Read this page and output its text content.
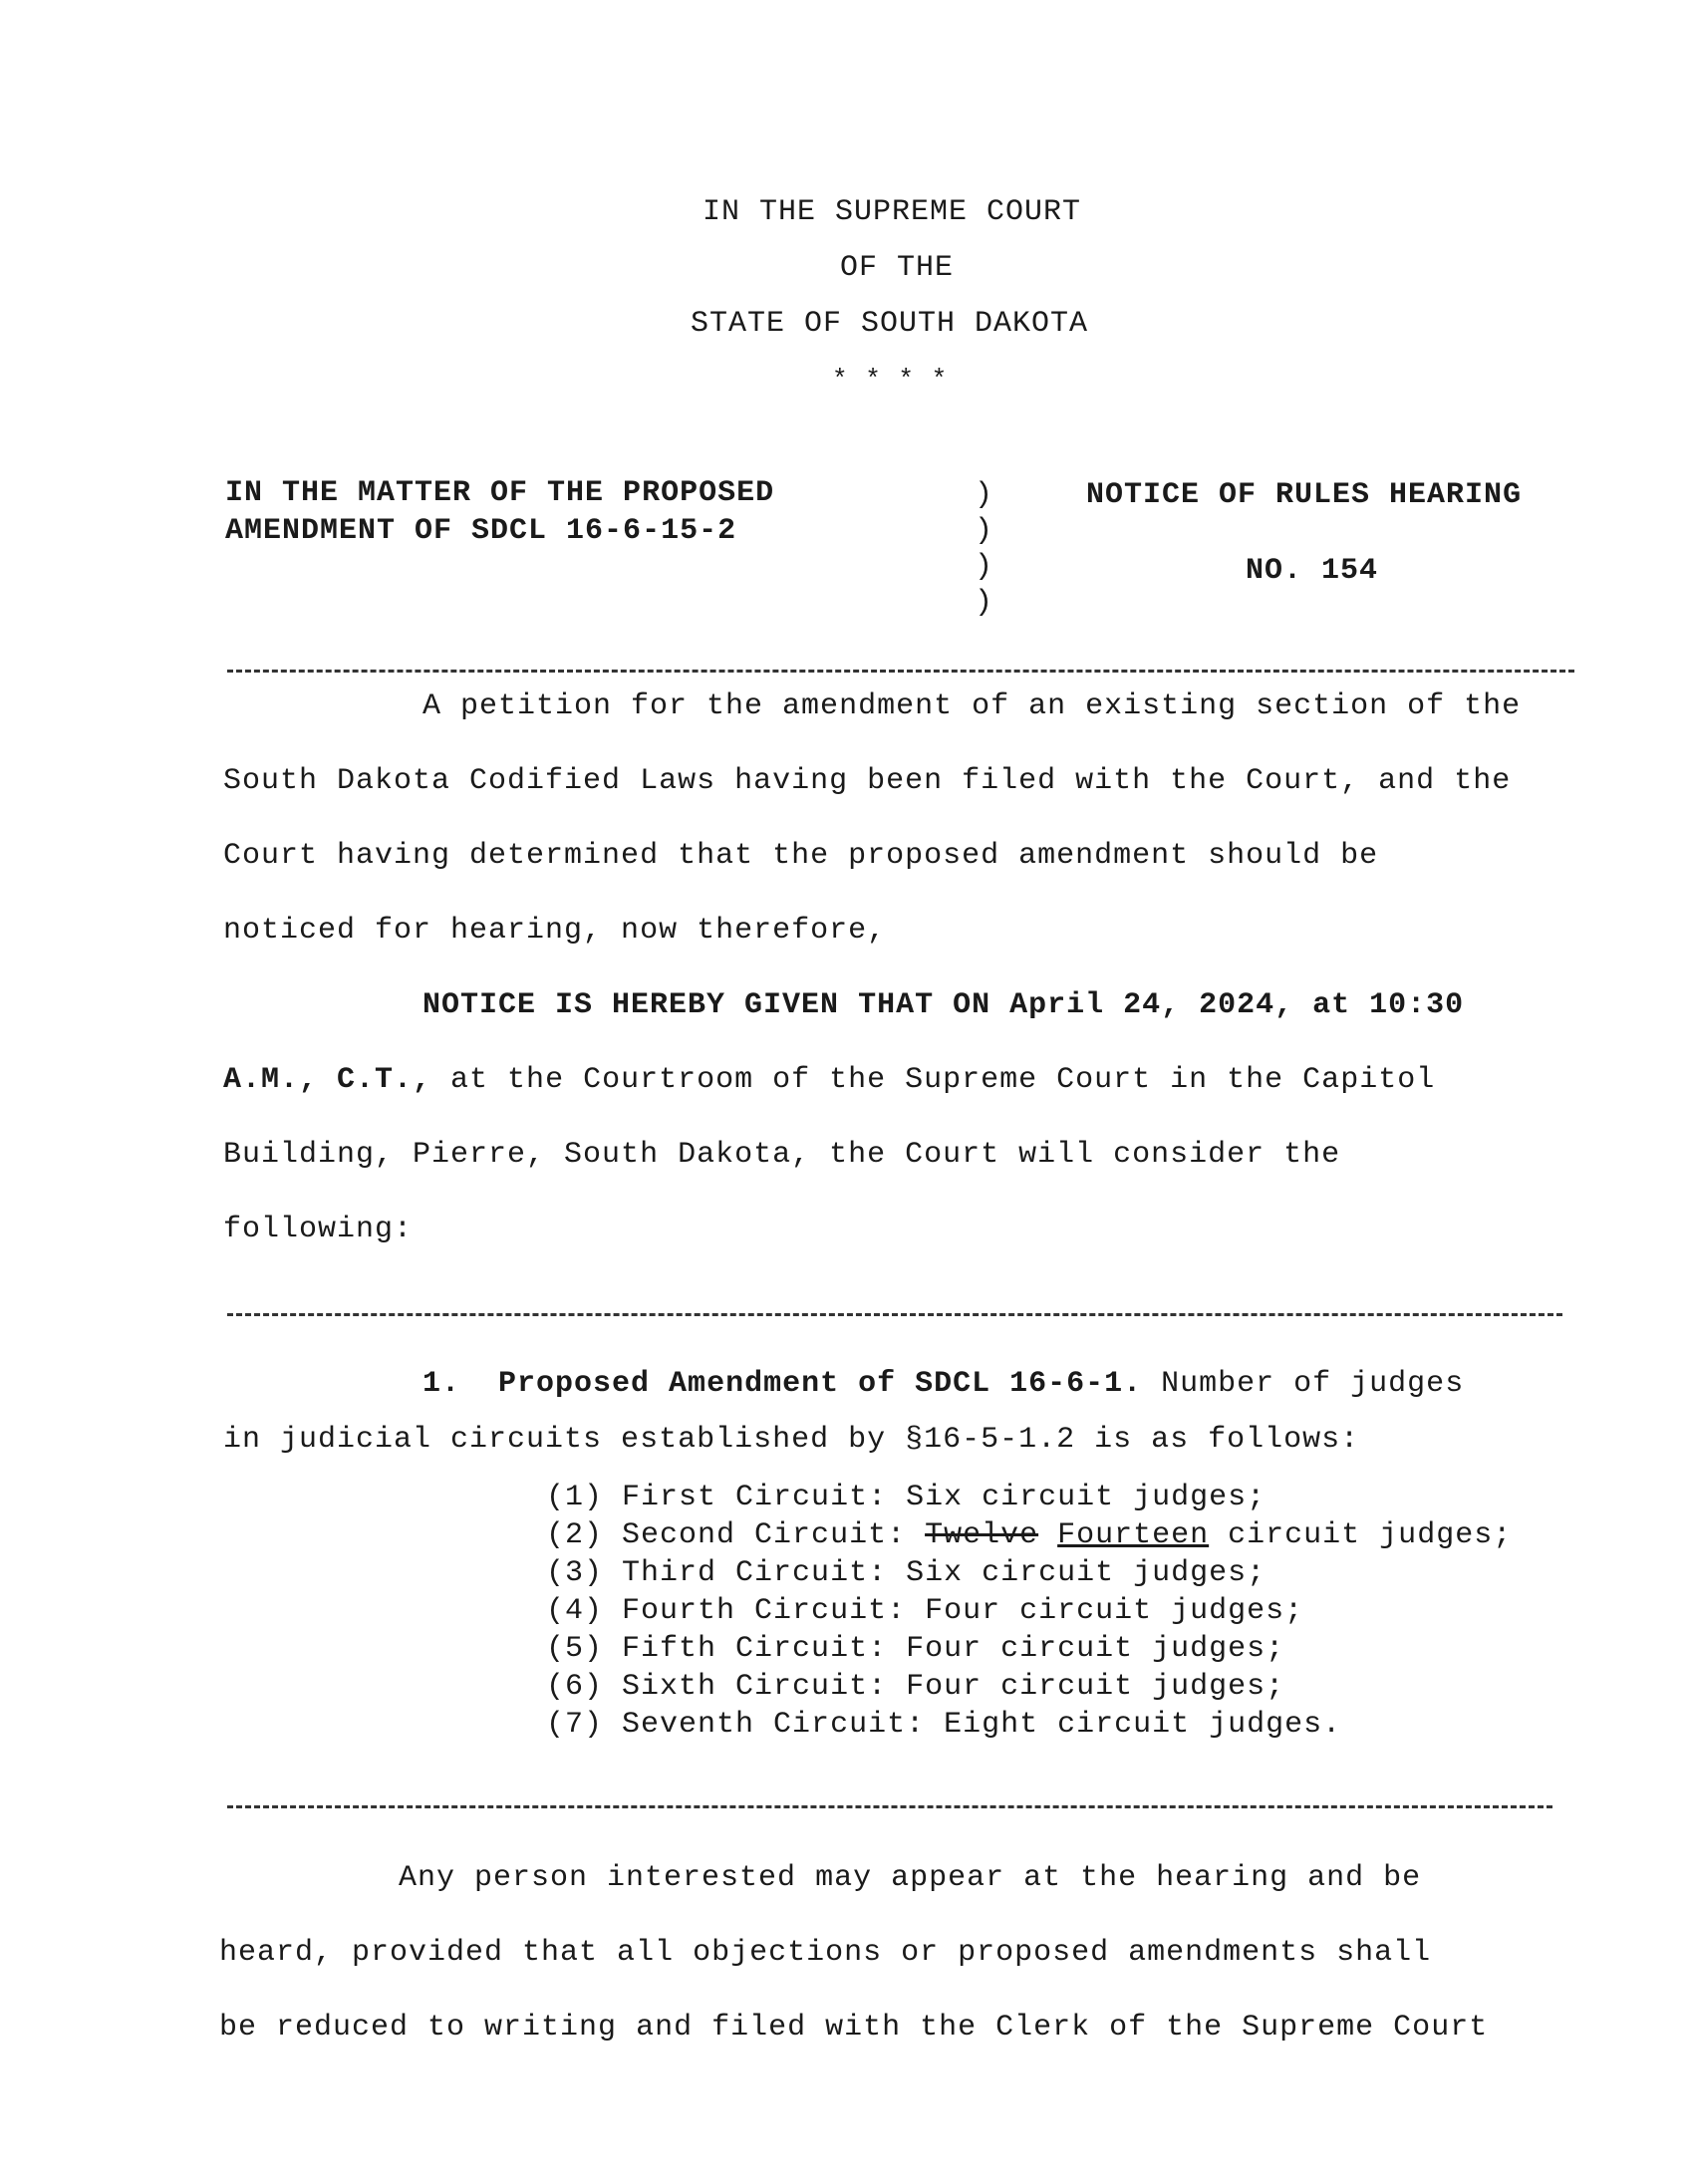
IN THE SUPREME COURT
OF THE
STATE OF SOUTH DAKOTA
* * * *
IN THE MATTER OF THE PROPOSED
AMENDMENT OF SDCL 16-6-15-2
)
)
)
)
NOTICE OF RULES HEARING
NO. 154
A petition for the amendment of an existing section of the
South Dakota Codified Laws having been filed with the Court, and the
Court having determined that the proposed amendment should be
noticed for hearing, now therefore,
NOTICE IS HEREBY GIVEN THAT ON April 24, 2024, at 10:30
A.M., C.T., at the Courtroom of the Supreme Court in the Capitol
Building, Pierre, South Dakota, the Court will consider the
following:
1. Proposed Amendment of SDCL 16-6-1. Number of judges
in judicial circuits established by §16-5-1.2 is as follows:
(1) First Circuit: Six circuit judges;
(2) Second Circuit: Twelve Fourteen circuit judges;
(3) Third Circuit: Six circuit judges;
(4) Fourth Circuit: Four circuit judges;
(5) Fifth Circuit: Four circuit judges;
(6) Sixth Circuit: Four circuit judges;
(7) Seventh Circuit: Eight circuit judges.
Any person interested may appear at the hearing and be
heard, provided that all objections or proposed amendments shall
be reduced to writing and filed with the Clerk of the Supreme Court
